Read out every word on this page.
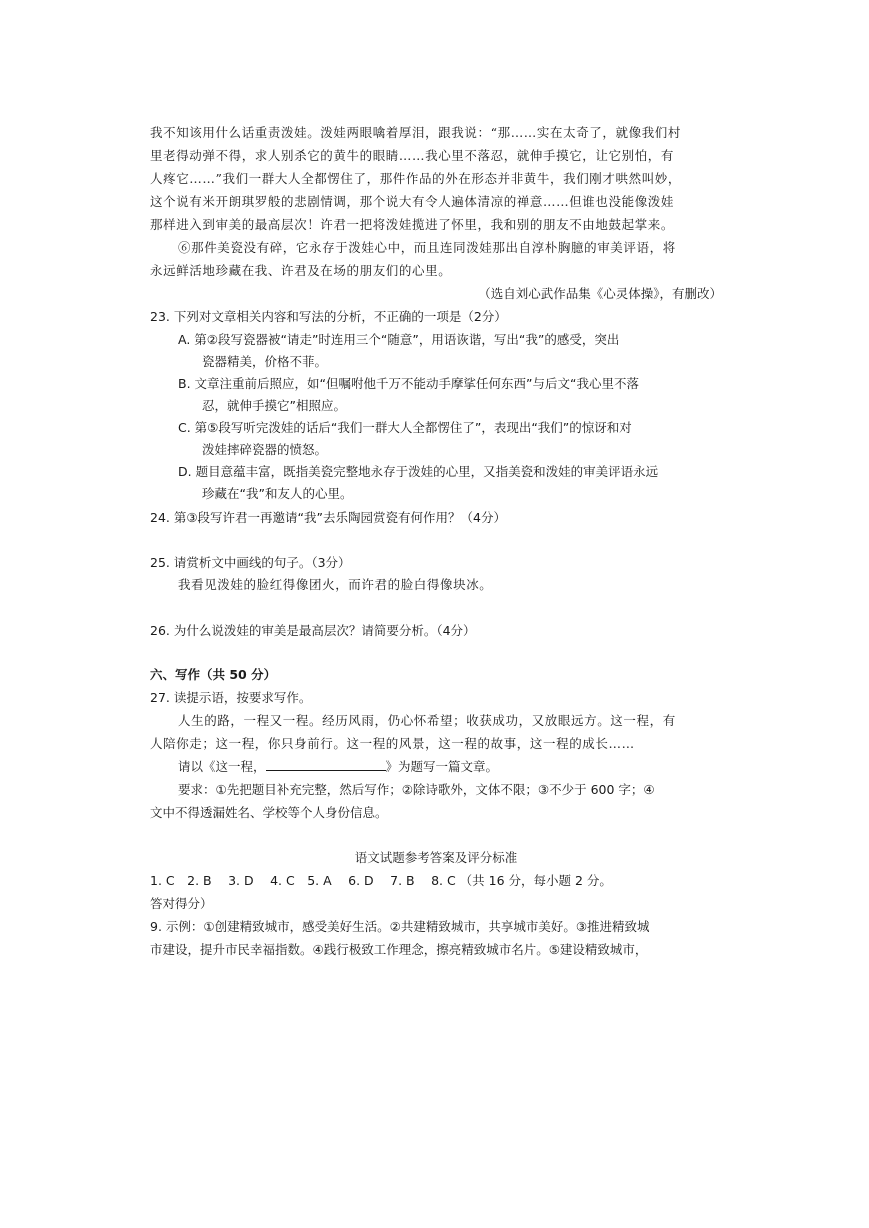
我不知该用什么话重责泼娃。泼娃两眼噙着厚泪，跟我说：“那……实在太奇了，就像我们村
里老得动弹不得，求人别杀它的黄牛的眼睛……我心里不落忍，就伸手摸它，让它别怕，有
人疼它……”我们一群大人全都愣住了，那件作品的外在形态并非黄牛，我们刚才哄然叫妙，
这个说有米开朗琪罗般的悲剧情调，那个说大有令人遍体清凉的禅意……但谁也没能像泼娃
那样进入到审美的最高层次！许君一把将泼娃揽进了怀里，我和别的朋友不由地鼓起掌来。
⑥那件美瓷没有碎，它永存于泼娃心中，而且连同泼娃那出自淳朴胸臆的审美评语，将
永远鲜活地珍藏在我、许君及在场的朋友们的心里。
（选自刘心武作品集《心灵体操》，有删改）
23. 下列对文章相关内容和写法的分析，不正确的一项是（2分）
A. 第②段写瓷器被“请走”时连用三个“随意”，用语诙谐，写出“我”的感受，突出
瓷器精美，价格不菲。
B. 文章注重前后照应，如“但嘱咐他千万不能动手摩挲任何东西”与后文“我心里不落
忍，就伸手摸它”相照应。
C. 第⑤段写听完泼娃的话后“我们一群大人全都愣住了”，表现出“我们”的惊讶和对
泼娃摔碎瓷器的愤怒。
D. 题目意蕴丰富，既指美瓷完整地永存于泼娃的心里，又指美瓷和泼娃的审美评语永远
珍藏在“我”和友人的心里。
24. 第③段写许君一再邀请“我”去乐陶园赏瓷有何作用？（4分）
25. 请赏析文中画线的句子。（3分）
我看见泼娃的脸红得像团火，而许君的脸白得像块冰。
26. 为什么说泼娃的审美是最高层次？请简要分析。（4分）
六、写作（共 50 分）
27. 读提示语，按要求写作。
人生的路，一程又一程。经历风雨，仍心怀希望；收获成功，又放眼远方。这一程，有
人陪你走；这一程，你只身前行。这一程的风景，这一程的故事，这一程的成长……
请以《这一程，	》为题写一篇文章。
要求：①先把题目补充完整，然后写作；②除诗歌外，文体不限；③不少于 600 字；④
文中不得透漏姓名、学校等个人身份信息。
语文试题参考答案及评分标准
1. C　2. B　 3. D　 4. C　5. A　 6. D　 7. B　 8. C （共 16 分，每小题 2 分。
答对得分）
9. 示例：①创建精致城市，感受美好生活。②共建精致城市，共享城市美好。③推进精致城
市建设，提升市民幸福指数。④践行极致工作理念，擦亮精致城市名片。⑤建设精致城市，
